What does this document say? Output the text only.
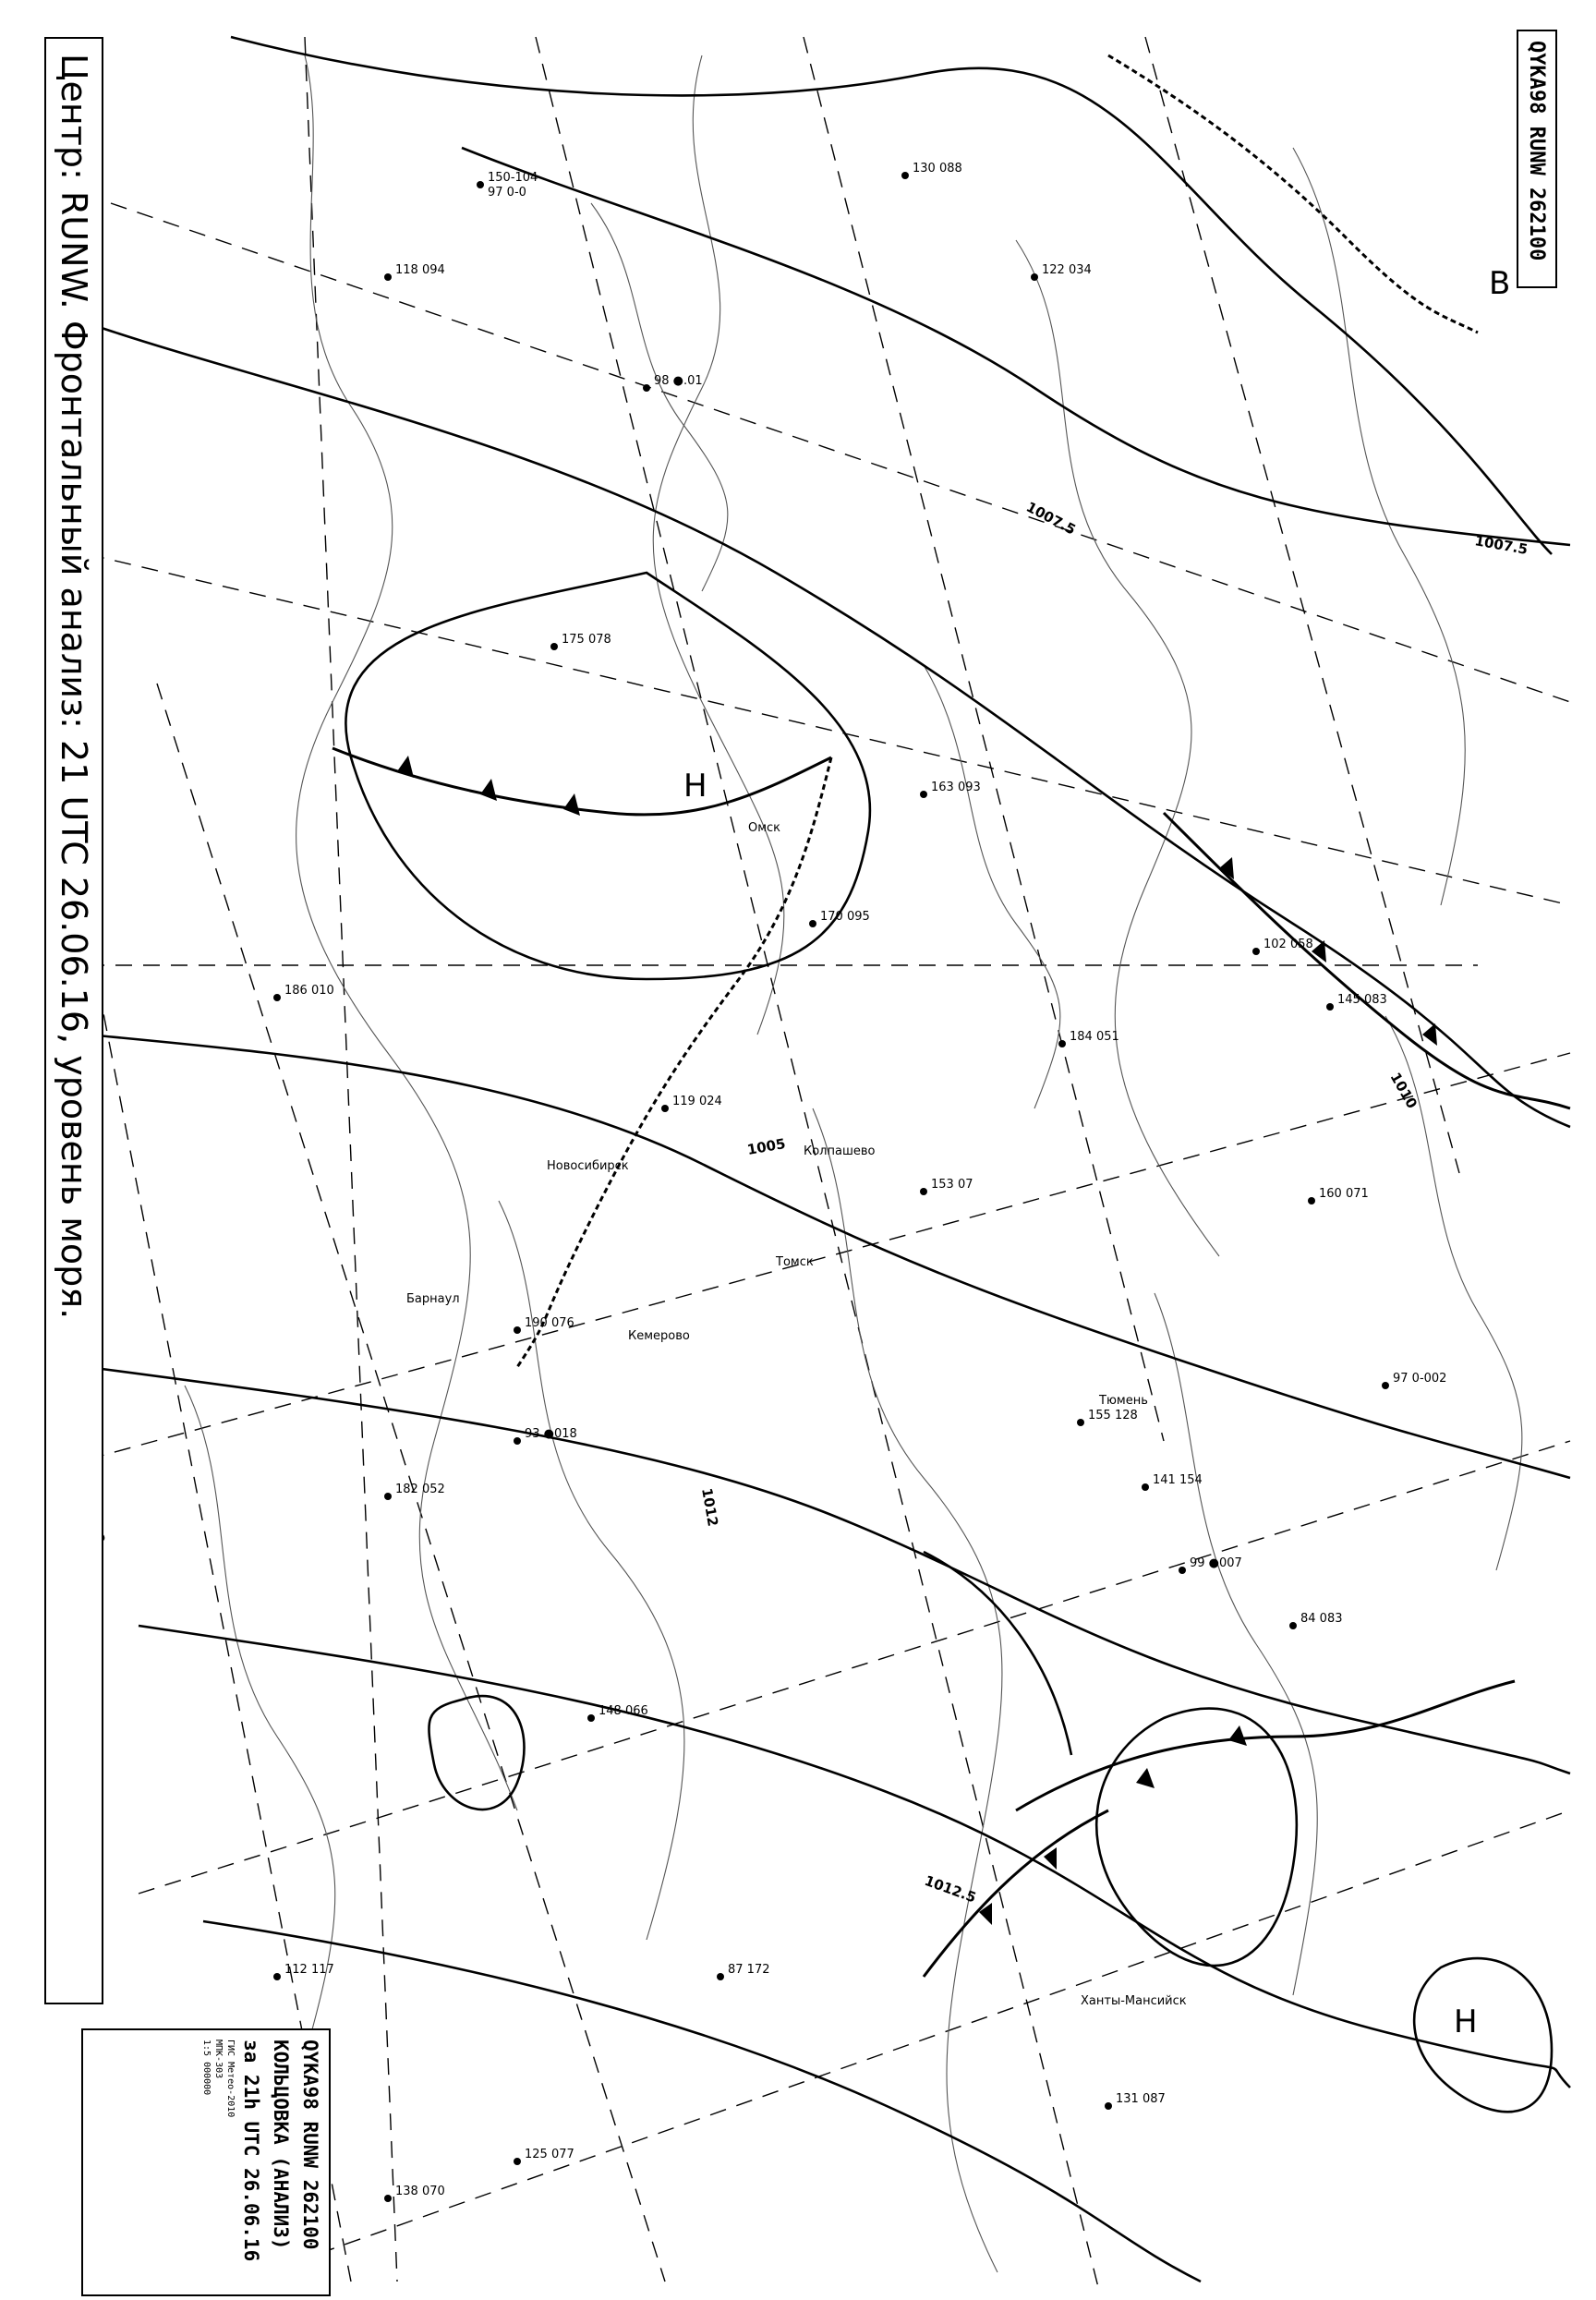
1007.5
1007.5
1010
1005
1012
1012.5
В
Н
Н
Кемерово
Томск
Барнаул
Новосибирск
Ханты-Мансийск
Колпашево
Тюмень
Омск
150-104
97 0-0
130 088
122 034
118 094
98 ●.01
175 078
163 093
186 010
170 095
184 051
153 07
155 128
141 154
99 ●007
87 172
112 117
102 058
145 083
160 071
97 0-002
131 087
93 ●018
190 076
182 052
148 066
119 024
84 083
138 070
125 077
Центр: RUNW. Фронтальный анализ: 21 UTC 26.06.16, уровень моря.	QYKA98 RUNW 262100
QYKA98 RUNW 262100
КОЛЬЦОВКА (АНАЛИЗ)
за 21h UTC 26.06.16
ГИС Метео-2010
МПК-303
1:5 000000
